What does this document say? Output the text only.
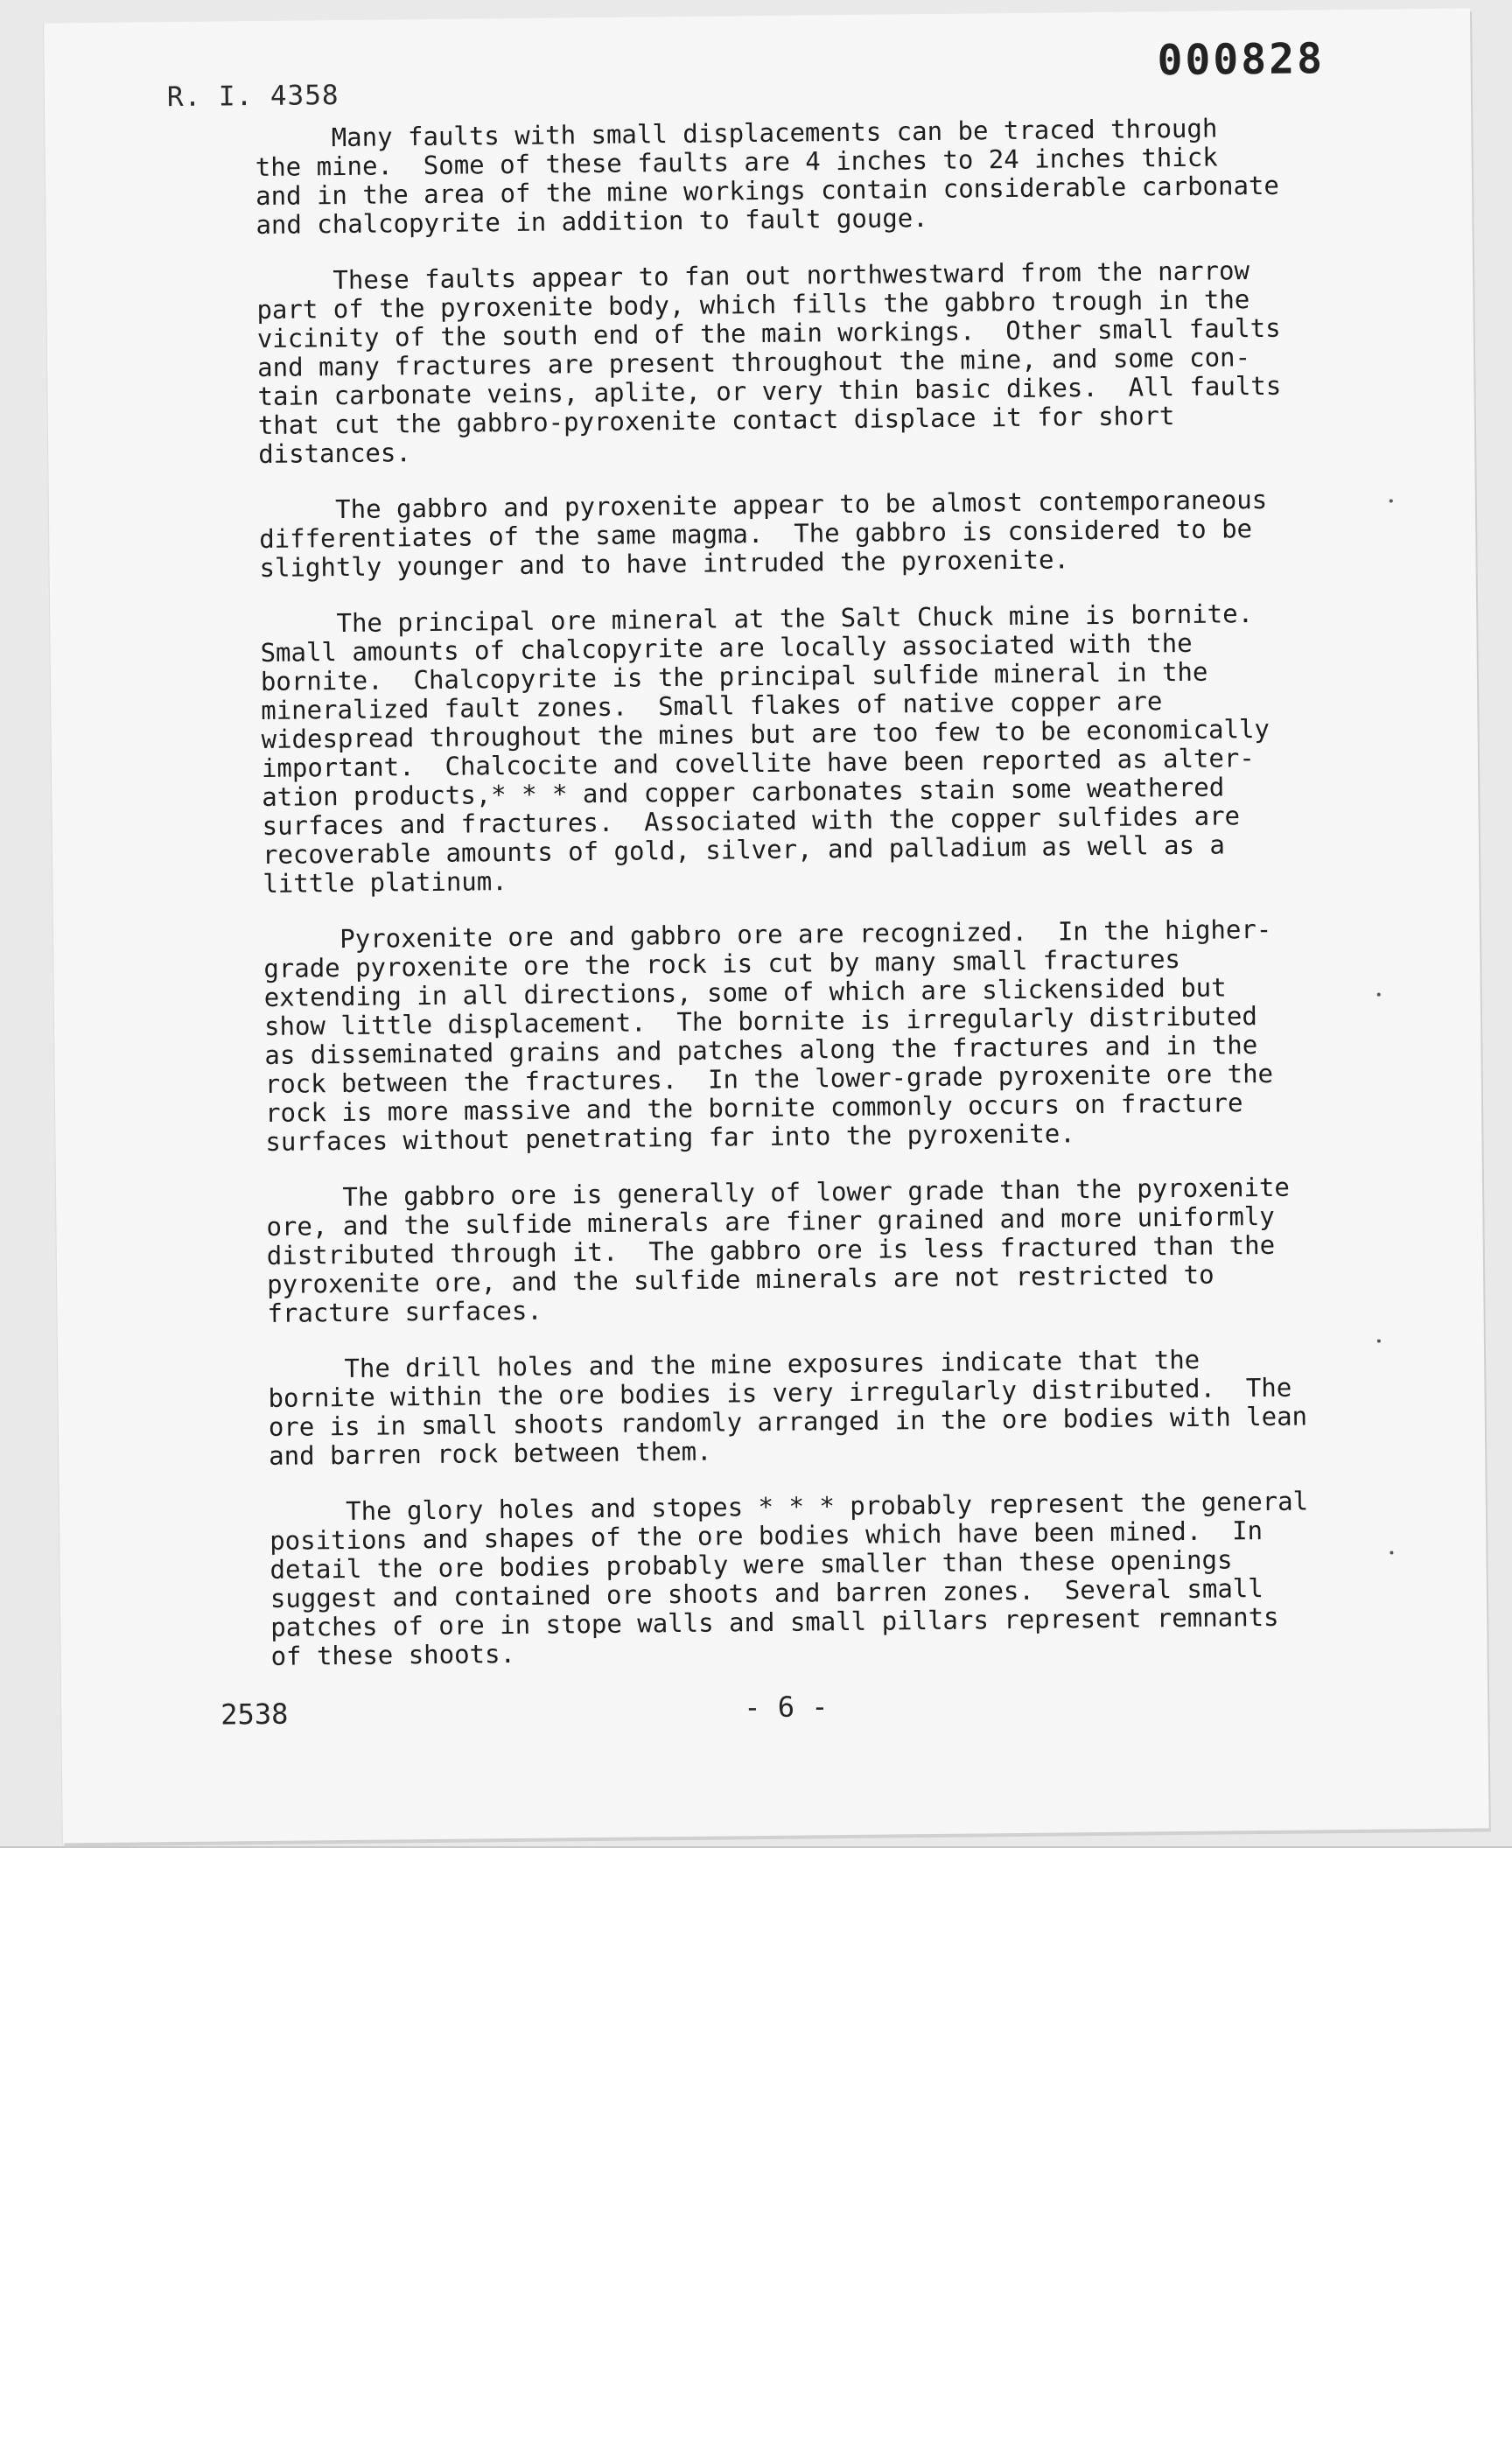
R. I. 4358
000828
Many faults with small displacements can be traced through
the mine.  Some of these faults are 4 inches to 24 inches thick
and in the area of the mine workings contain considerable carbonate
and chalcopyrite in addition to fault gouge.
These faults appear to fan out northwestward from the narrow
part of the pyroxenite body, which fills the gabbro trough in the
vicinity of the south end of the main workings.  Other small faults
and many fractures are present throughout the mine, and some con-
tain carbonate veins, aplite, or very thin basic dikes.  All faults
that cut the gabbro-pyroxenite contact displace it for short
distances.
The gabbro and pyroxenite appear to be almost contemporaneous
differentiates of the same magma.  The gabbro is considered to be
slightly younger and to have intruded the pyroxenite.
The principal ore mineral at the Salt Chuck mine is bornite.
Small amounts of chalcopyrite are locally associated with the
bornite.  Chalcopyrite is the principal sulfide mineral in the
mineralized fault zones.  Small flakes of native copper are
widespread throughout the mines but are too few to be economically
important.  Chalcocite and covellite have been reported as alter-
ation products,* * * and copper carbonates stain some weathered
surfaces and fractures.  Associated with the copper sulfides are
recoverable amounts of gold, silver, and palladium as well as a
little platinum.
Pyroxenite ore and gabbro ore are recognized.  In the higher-
grade pyroxenite ore the rock is cut by many small fractures
extending in all directions, some of which are slickensided but
show little displacement.  The bornite is irregularly distributed
as disseminated grains and patches along the fractures and in the
rock between the fractures.  In the lower-grade pyroxenite ore the
rock is more massive and the bornite commonly occurs on fracture
surfaces without penetrating far into the pyroxenite.
The gabbro ore is generally of lower grade than the pyroxenite
ore, and the sulfide minerals are finer grained and more uniformly
distributed through it.  The gabbro ore is less fractured than the
pyroxenite ore, and the sulfide minerals are not restricted to
fracture surfaces.
The drill holes and the mine exposures indicate that the
bornite within the ore bodies is very irregularly distributed.  The
ore is in small shoots randomly arranged in the ore bodies with lean
and barren rock between them.
The glory holes and stopes * * * probably represent the general
positions and shapes of the ore bodies which have been mined.  In
detail the ore bodies probably were smaller than these openings
suggest and contained ore shoots and barren zones.  Several small
patches of ore in stope walls and small pillars represent remnants
of these shoots.
2538	- 6 -
